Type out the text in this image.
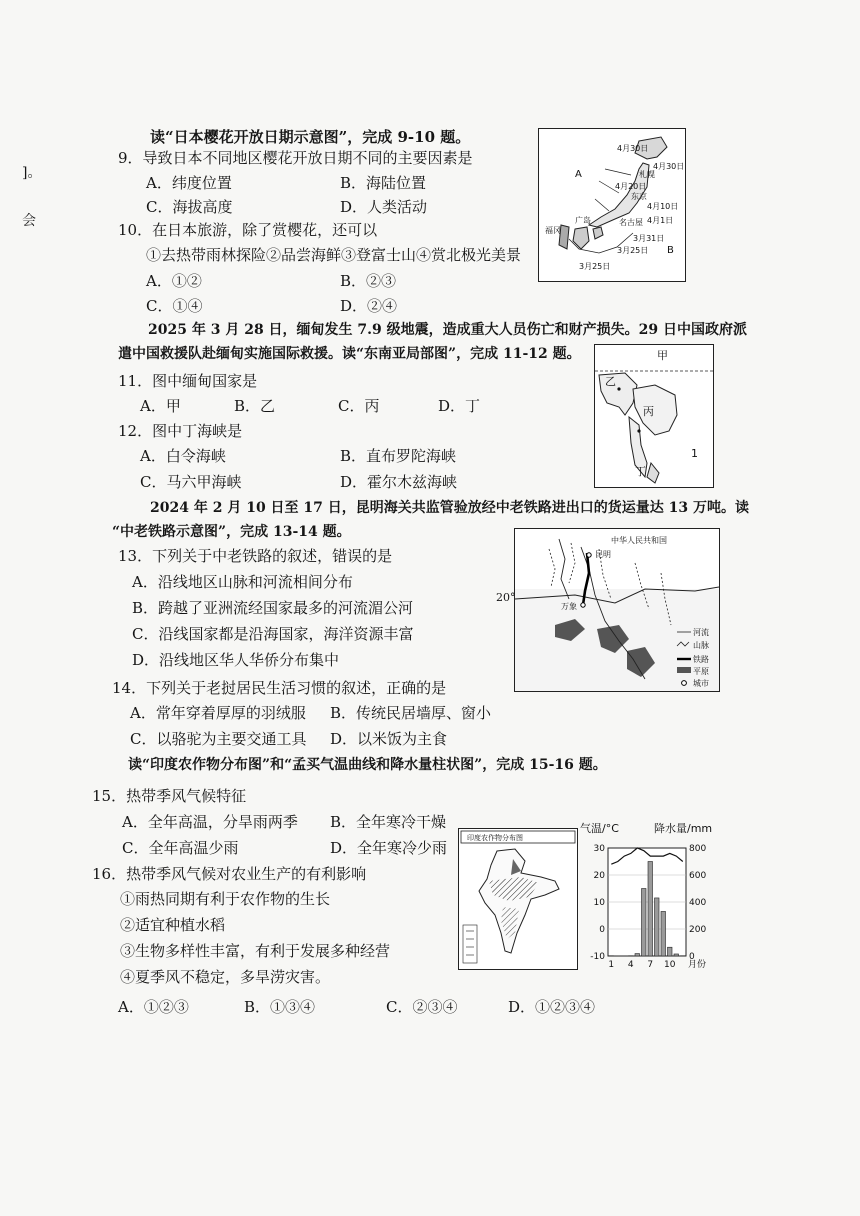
]。
会
读“日本樱花开放日期示意图”，完成 9-10 题。
9．导致日本不同地区樱花开放日期不同的主要因素是
A．纬度位置	B．海陆位置
C．海拔高度	D．人类活动
10．在日本旅游，除了赏樱花，还可以
①去热带雨林探险②品尝海鲜③登富士山④赏北极光美景
A．①②	B．②③
C．①④	D．②④
A
B
4月30日
4月30日
4月20日
4月10日
4月1日
3月31日
3月25日
3月25日
札幌
东京
广岛
福冈
名古屋
2025 年 3 月 28 日，缅甸发生 7.9 级地震，造成重大人员伤亡和财产损失。29 日中国政府派
遣中国救援队赴缅甸实施国际救援。读“东南亚局部图”，完成 11-12 题。
11．图中缅甸国家是
A．甲	B．乙	C．丙	D．丁
12．图中丁海峡是
A．白令海峡	B．直布罗陀海峡
C．马六甲海峡	D．霍尔木兹海峡
甲
乙
丙
丁
1
2024 年 2 月 10 日至 17 日，昆明海关共监管验放经中老铁路进出口的货运量达 13 万吨。读
“中老铁路示意图”，完成 13-14 题。
13．下列关于中老铁路的叙述，错误的是
A．沿线地区山脉和河流相间分布
B．跨越了亚洲流经国家最多的河流湄公河
C．沿线国家都是沿海国家，海洋资源丰富
D．沿线地区华人华侨分布集中
中华人民共和国
昆明
万象
河流
山脉
铁路
平原
城市
20°
14．下列关于老挝居民生活习惯的叙述，正确的是
A．常年穿着厚厚的羽绒服 B．传统民居墙厚、窗小
C．以骆驼为主要交通工具 D．以米饭为主食
读“印度农作物分布图”和“孟买气温曲线和降水量柱状图”，完成 15-16 题。
15．热带季风气候特征
A．全年高温，分旱雨两季 B．全年寒冷干燥
C．全年高温少雨	D．全年寒冷少雨
16．热带季风气候对农业生产的有利影响
①雨热同期有利于农作物的生长
②适宜种植水稻
③生物多样性丰富，有利于发展多种经营
④夏季风不稳定，多旱涝灾害。
A．①②③	B．①③④	C．②③④	D．①②③④
印度农作物分布图
气温/°C	降水量/mm
30
20
10
0
-10
800
600
400
200
0
1 4 7 10 月份
